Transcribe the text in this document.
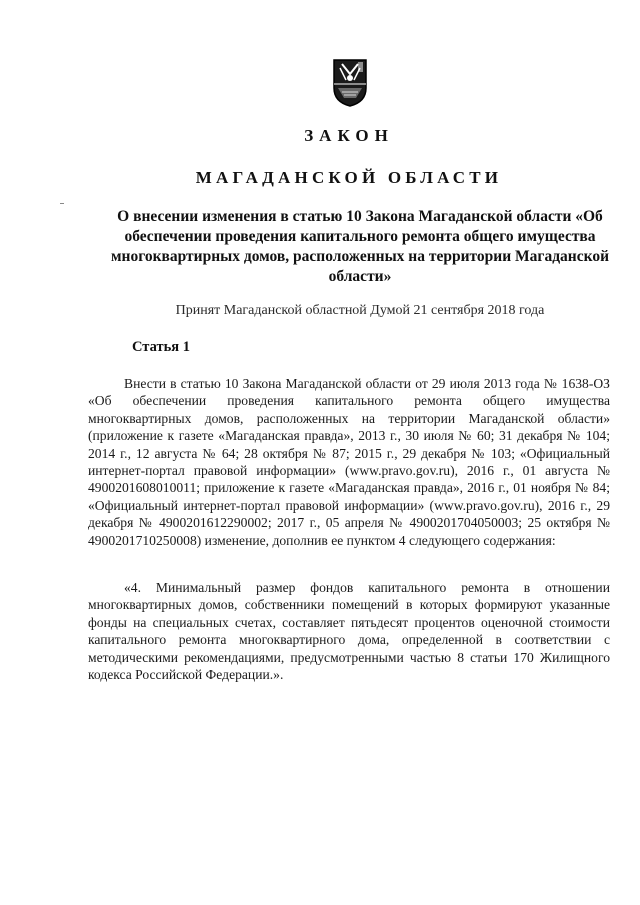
ЗАКОН
МАГАДАНСКОЙ ОБЛАСТИ
О внесении изменения в статью 10 Закона Магаданской области «Об обеспечении проведения капитального ремонта общего имущества многоквартирных домов, расположенных на территории Магаданской области»
Принят Магаданской областной Думой 21 сентября 2018 года
Статья 1
Внести в статью 10 Закона Магаданской области от 29 июля 2013 года № 1638-ОЗ «Об обеспечении проведения капитального ремонта общего имущества многоквартирных домов, расположенных на территории Магаданской области» (приложение к газете «Магаданская правда», 2013 г., 30 июля № 60; 31 декабря № 104; 2014 г., 12 августа № 64; 28 октября № 87; 2015 г., 29 декабря № 103; «Официальный интернет-портал правовой информации» (www.pravo.gov.ru), 2016 г., 01 августа № 4900201608010011; приложение к газете «Магаданская правда», 2016 г., 01 ноября № 84; «Официальный интернет-портал правовой информации» (www.pravo.gov.ru), 2016 г., 29 декабря № 4900201612290002; 2017 г., 05 апреля № 4900201704050003; 25 октября № 4900201710250008) изменение, дополнив ее пунктом 4 следующего содержания:
«4. Минимальный размер фондов капитального ремонта в отношении многоквартирных домов, собственники помещений в которых формируют указанные фонды на специальных счетах, составляет пятьдесят процентов оценочной стоимости капитального ремонта многоквартирного дома, определенной в соответствии с методическими рекомендациями, предусмотренными частью 8 статьи 170 Жилищного кодекса Российской Федерации.».
